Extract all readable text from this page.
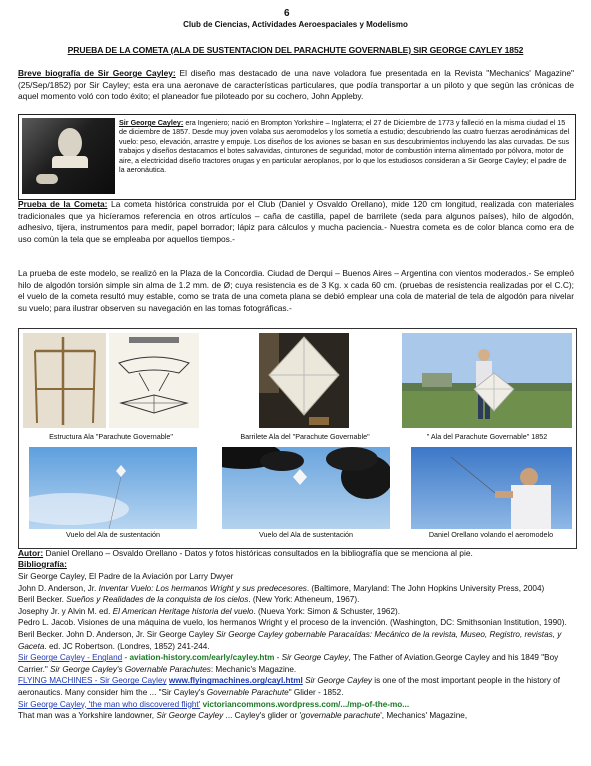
6
Club de Ciencias, Actividades Aeroespaciales y Modelismo
PRUEBA DE LA COMETA (ALA DE SUSTENTACION DEL PARACHUTE GOVERNABLE) SIR GEORGE CAYLEY 1852
Breve biografía de Sir George Cayley: El diseño mas destacado de una nave voladora fue presentada en la Revista "Mechanics' Magazine" (25/Sep/1852) por Sir Cayley; esta era una aeronave de características particulares, que podía transportar a un piloto y que según las crónicas de aquel momento voló con todo éxito; el planeador fue piloteado por su cochero, John Appleby.
Sir George Cayley: era Ingeniero; nació en Brompton Yorkshire – Inglaterra; el 27 de Diciembre de 1773 y falleció en la misma ciudad el 15 de diciembre de 1857. Desde muy joven volaba sus aeromodelos y los sometía a estudio; descubriendo las cuatro fuerzas aerodinámicas del vuelo: peso, elevación, arrastre y empuje. Los diseños de los aviones se basan en sus descubrimientos incluyendo las alas curvadas. De sus trabajos y diseños destacamos el botes salvavidas, cinturones de seguridad, motor de combustión interna alimentado por pólvora, motor de aire, a electricidad diseño tractores orugas y en particular aeroplanos, por lo que los estudiosos consideran a Sir George Cayley; el padre de la aeronáutica.
Prueba de la Cometa: La cometa histórica construida por el Club (Daniel y Osvaldo Orellano), mide 120 cm longitud, realizada con materiales tradicionales que ya hicíeramos referencia en otros artículos – caña de castilla, papel de barrilete (seda para algunos países), hilo de algodón, adhesivo, tijera, instrumentos para medir, papel borrador; lápiz para cálculos y mucha paciencia.- Nuestra cometa es de color blanca como era de uso común la tela que se empleaba por aquellos tiempos.-
La prueba de este modelo, se realizó en la Plaza de la Concordia. Ciudad de Derqui – Buenos Aires – Argentina con vientos moderados.- Se empleó hilo de algodón torsión simple sin alma de 1.2 mm. de Ø; cuya resistencia es de 3 Kg. x cada 60 cm. (pruebas de resistencia realizadas por el C.C); el vuelo de la cometa resultó muy estable, como se trata de una cometa plana se debió emplear una cola de material de tela de algodón para nivelar su vuelo; para ilustrar observen su navegación en las tomas fotográficas.-
Estructura Ala "Parachute Governable"	Barrilete Ala del "Parachute Governable"	" Ala del Parachute Governable" 1852
Vuelo del Ala de sustentación	Vuelo del Ala de sustentación	Daniel Orellano volando el aeromodelo
Autor: Daniel Orellano – Osvaldo Orellano - Datos y fotos históricas consultados en la bibliografía que se menciona al pie.
Bibliografía:
Sir George Cayley, El Padre de la Aviación por Larry Dwyer
John D. Anderson, Jr. Inventar Vuelo: Los hermanos Wright y sus predecesores. (Baltimore, Maryland: The John Hopkins University Press, 2004)
Beril Becker. Sueños y Realidades de la conquista de los cielos. (New York: Atheneum, 1967).
Josephy Jr. y Alvin M. ed. El American Heritage historia del vuelo. (Nueva York: Simon & Schuster, 1962).
Pedro L. Jacob. Visiones de una máquina de vuelo, los hermanos Wright y el proceso de la invención. (Washington, DC: Smithsonian Institution, 1990). Beril Becker. John D. Anderson, Jr. Sir George Cayley Sir George Cayley gobernable Paracaídas: Mecánico de la revista, Museo, Registro, revistas, y Gaceta. ed. JC Robertson. (Londres, 1852) 241-244.
Sir George Cayley - England - aviation-history.com/early/cayley.htm - Sir George Cayley, The Father of Aviation.George Cayley and his 1849 "Boy Carrier." Sir George Cayley's Governable Parachutes: Mechanic's Magazine.
FLYING MACHINES - Sir George Cayley www.flyingmachines.org/cayl.html Sir George Cayley is one of the most important people in the history of aeronautics. Many consider him the ... "Sir Cayley's Governable Parachute" Glider - 1852.
Sir George Cayley, 'the man who discovered flight' victoriancommons.wordpress.com/.../mp-of-the-mo...
That man was a Yorkshire landowner, Sir George Cayley ... Cayley's glider or 'governable parachute', Mechanics' Magazine,
